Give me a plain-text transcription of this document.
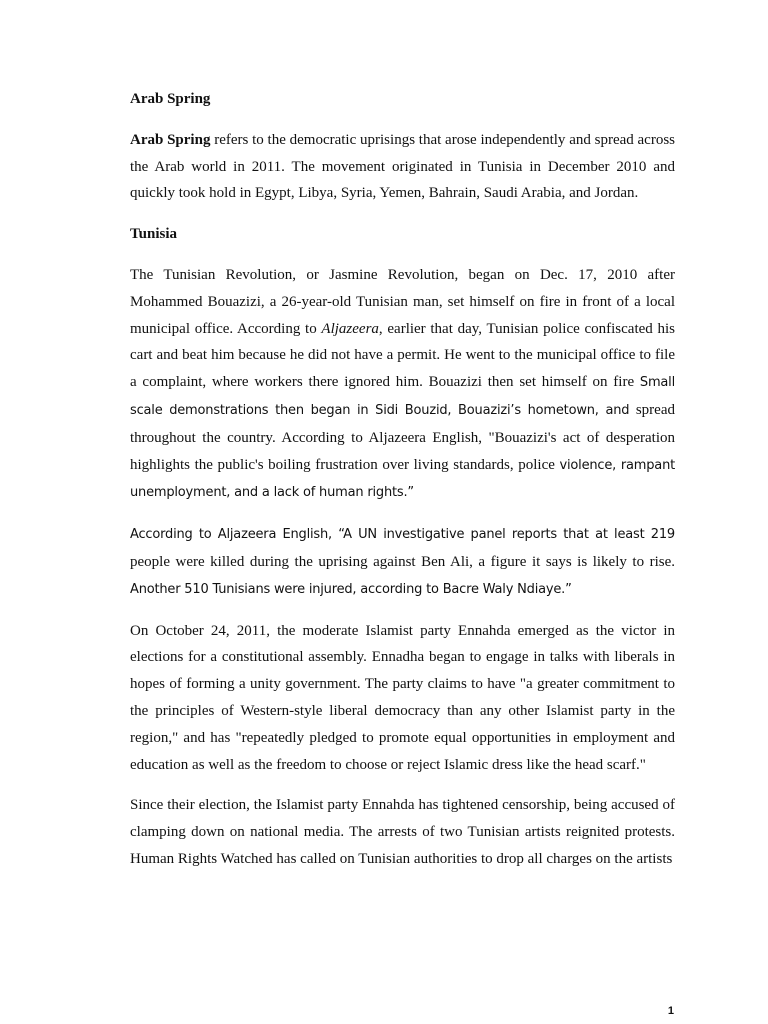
Arab Spring

Arab Spring refers to the democratic uprisings that arose independently and spread across the Arab world in 2011. The movement originated in Tunisia in December 2010 and quickly took hold in Egypt, Libya, Syria, Yemen, Bahrain, Saudi Arabia, and Jordan.

Tunisia

The Tunisian Revolution, or Jasmine Revolution, began on Dec. 17, 2010 after Mohammed Bouazizi, a 26-year-old Tunisian man, set himself on fire in front of a local municipal office. According to Aljazeera, earlier that day, Tunisian police confiscated his cart and beat him because he did not have a permit. He went to the municipal office to file a complaint, where workers there ignored him. Bouazizi then set himself on fire Small scale demonstrations then began in Sidi Bouzid, Bouazizi’s hometown, and spread throughout the country. According to Aljazeera English, "Bouazizi's act of desperation highlights the public's boiling frustration over living standards, police violence, rampant unemployment, and a lack of human rights.”

According to Aljazeera English, “A UN investigative panel reports that at least 219 people were killed during the uprising against Ben Ali, a figure it says is likely to rise. Another 510 Tunisians were injured, according to Bacre Waly Ndiaye.”

On October 24, 2011, the moderate Islamist party Ennahda emerged as the victor in elections for a constitutional assembly. Ennadha began to engage in talks with liberals in hopes of forming a unity government. The party claims to have "a greater commitment to the principles of Western-style liberal democracy than any other Islamist party in the region," and has "repeatedly pledged to promote equal opportunities in employment and education as well as the freedom to choose or reject Islamic dress like the head scarf."

Since their election, the Islamist party Ennahda has tightened censorship, being accused of clamping down on national media. The arrests of two Tunisian artists reignited protests. Human Rights Watched has called on Tunisian authorities to drop all charges on the artists

1
